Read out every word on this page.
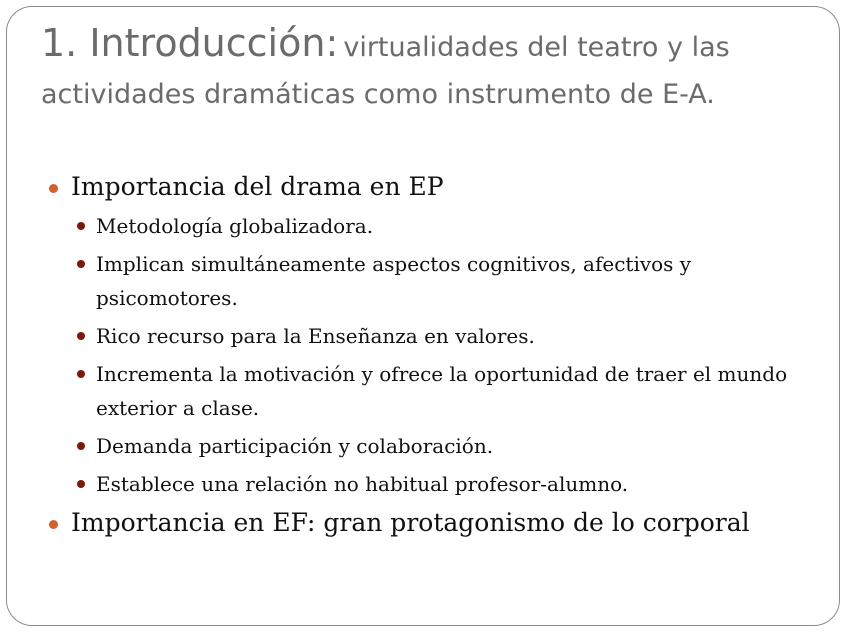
1. Introducción: virtualidades del teatro y las actividades dramáticas como instrumento de E-A.
Importancia del drama en EP
Metodología globalizadora.
Implican simultáneamente aspectos cognitivos, afectivos y psicomotores.
Rico recurso para la Enseñanza en valores.
Incrementa la motivación y ofrece la oportunidad de traer el mundo exterior a clase.
Demanda participación y colaboración.
Establece una relación no habitual profesor-alumno.
Importancia en EF: gran protagonismo de lo corporal
